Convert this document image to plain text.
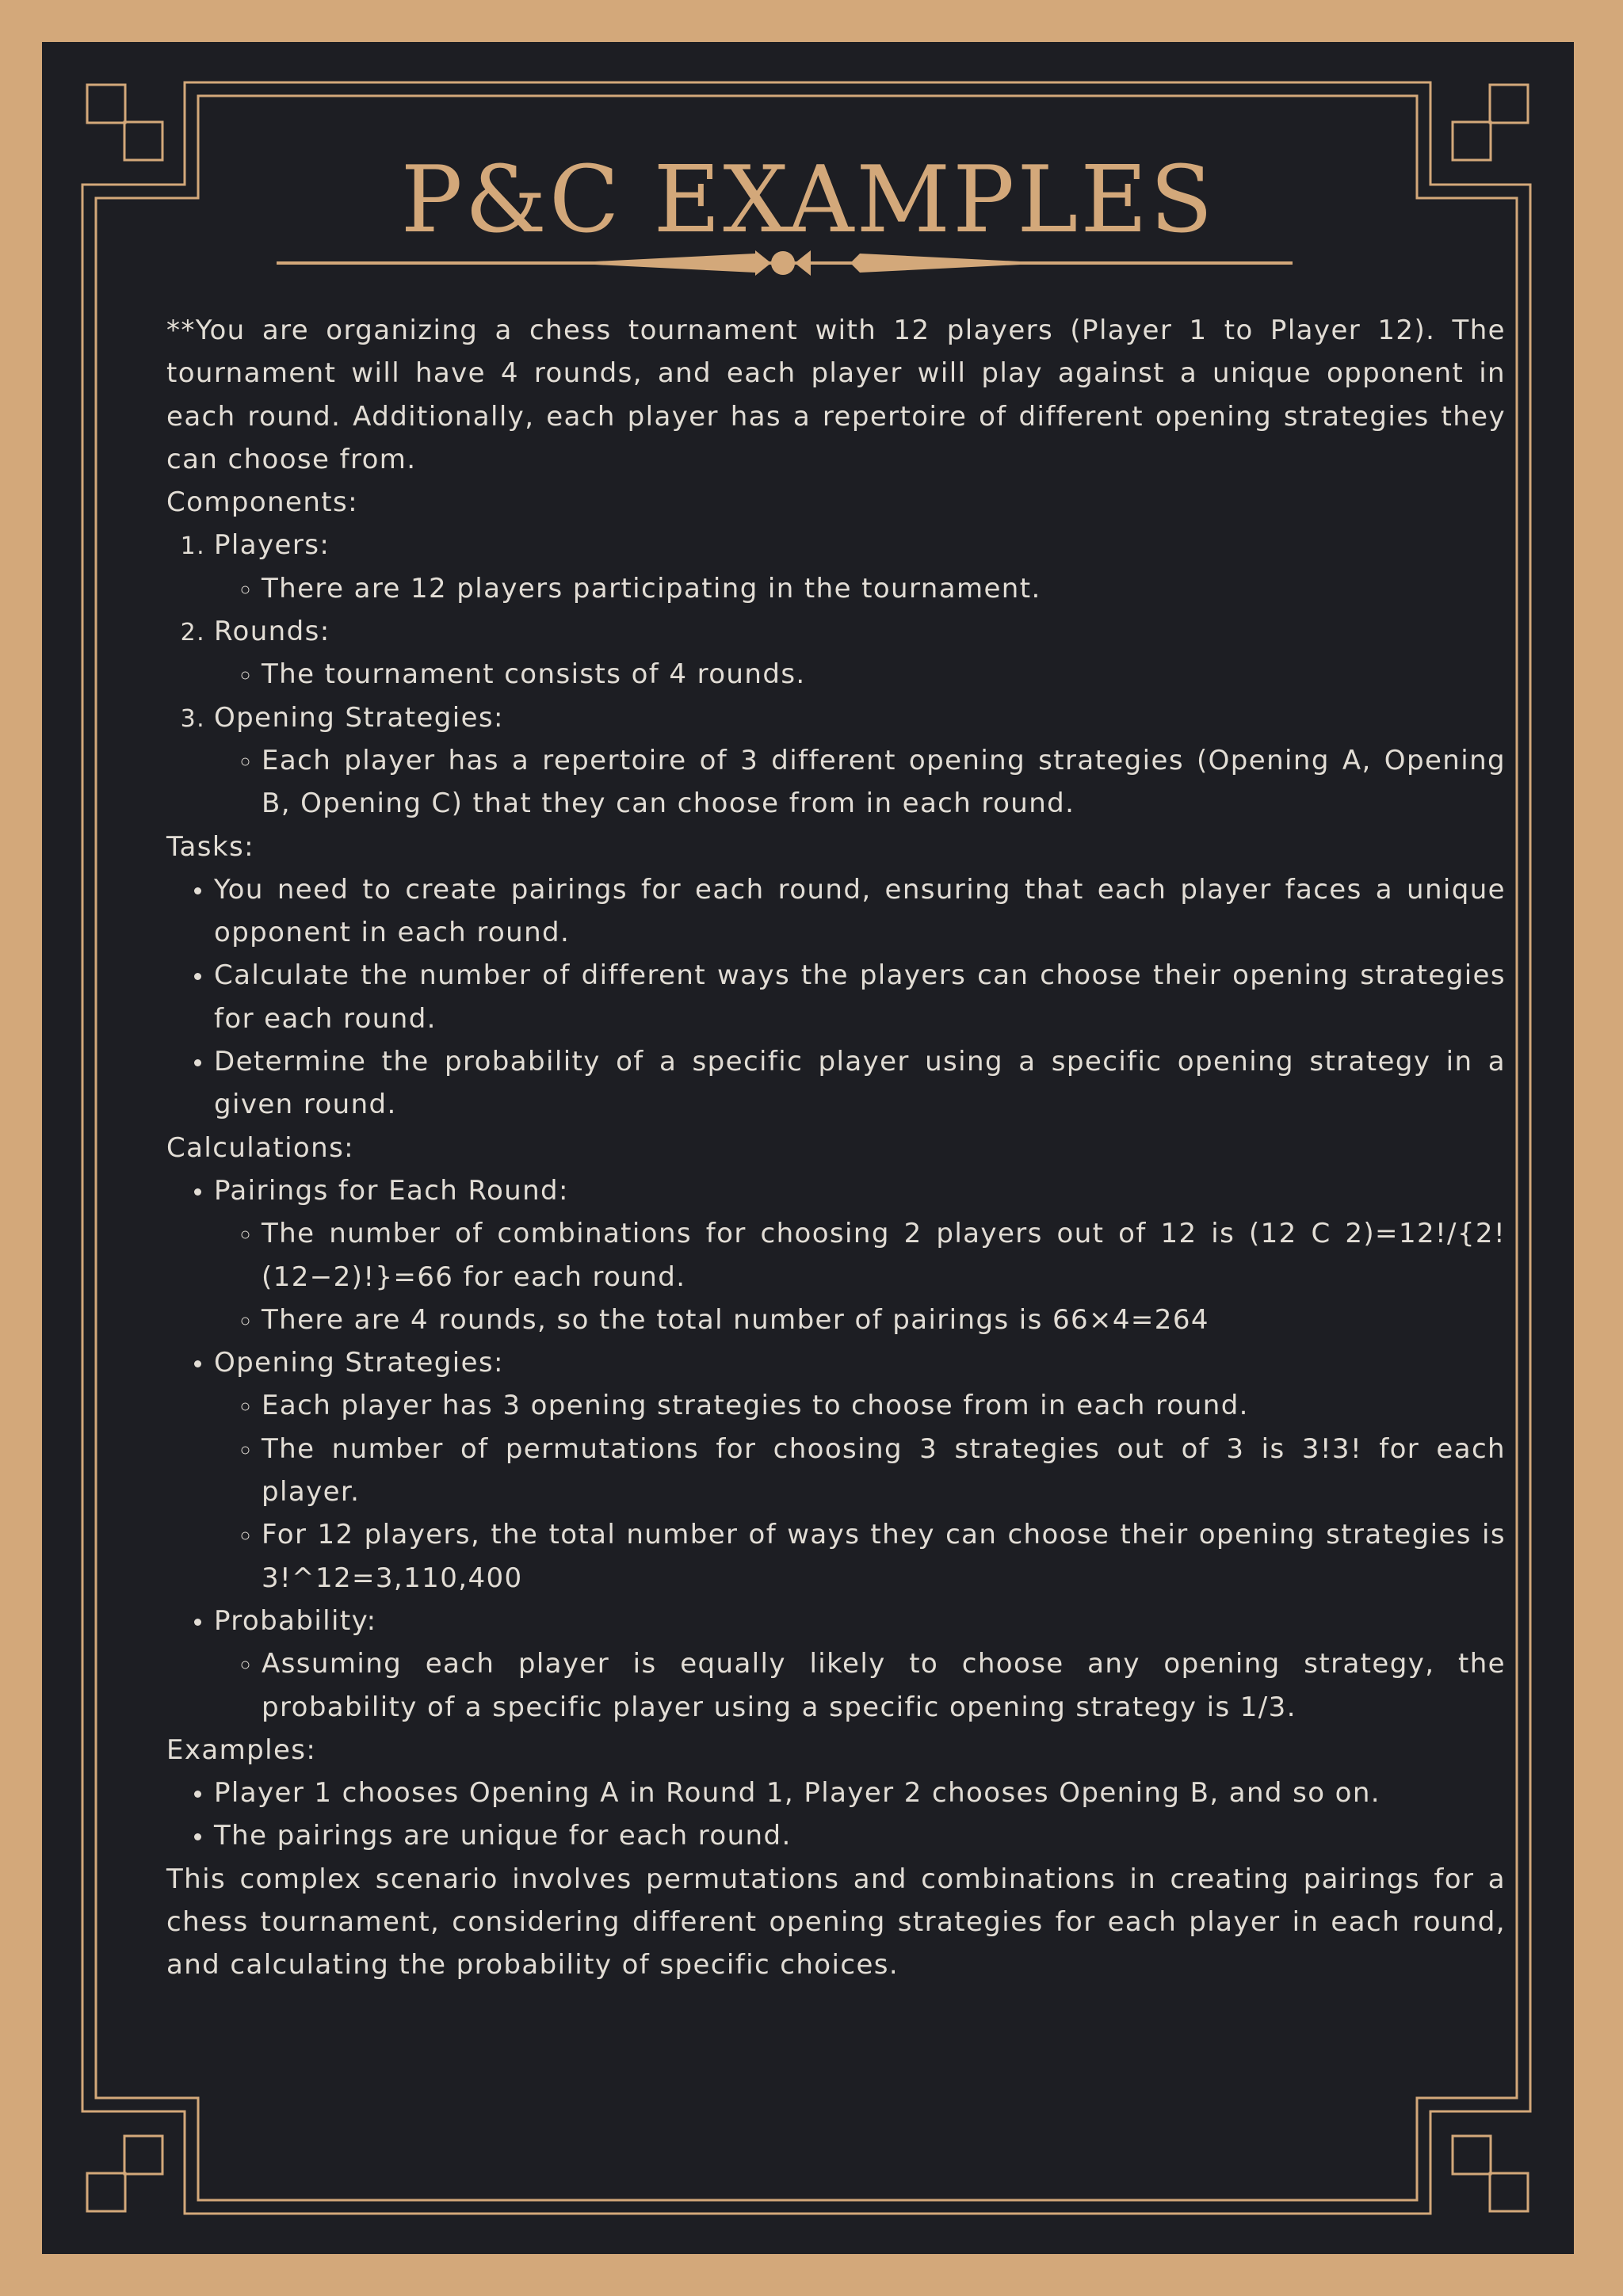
P&C EXAMPLES

**You are organizing a chess tournament with 12 players (Player 1 to Player 12). The tournament will have 4 rounds, and each player will play against a unique opponent in each round. Additionally, each player has a repertoire of different opening strategies they can choose from.

Components:

1. Players:
◦ There are 12 players participating in the tournament.
2. Rounds:
◦ The tournament consists of 4 rounds.
3. Opening Strategies:
◦ Each player has a repertoire of 3 different opening strategies (Opening A, Opening B, Opening C) that they can choose from in each round.

Tasks:

• You need to create pairings for each round, ensuring that each player faces a unique opponent in each round.
• Calculate the number of different ways the players can choose their opening strategies for each round.
• Determine the probability of a specific player using a specific opening strategy in a given round.

Calculations:

• Pairings for Each Round:
◦ The number of combinations for choosing 2 players out of 12 is (12 C 2)=12!/{2!(12−2)!}=66 for each round.
◦ There are 4 rounds, so the total number of pairings is 66×4=264
• Opening Strategies:
◦ Each player has 3 opening strategies to choose from in each round.
◦ The number of permutations for choosing 3 strategies out of 3 is 3!3! for each player.
◦ For 12 players, the total number of ways they can choose their opening strategies is 3!^12=3,110,400
• Probability:
◦ Assuming each player is equally likely to choose any opening strategy, the probability of a specific player using a specific opening strategy is 1/3.

Examples:

• Player 1 chooses Opening A in Round 1, Player 2 chooses Opening B, and so on.
• The pairings are unique for each round.

This complex scenario involves permutations and combinations in creating pairings for a chess tournament, considering different opening strategies for each player in each round, and calculating the probability of specific choices.
